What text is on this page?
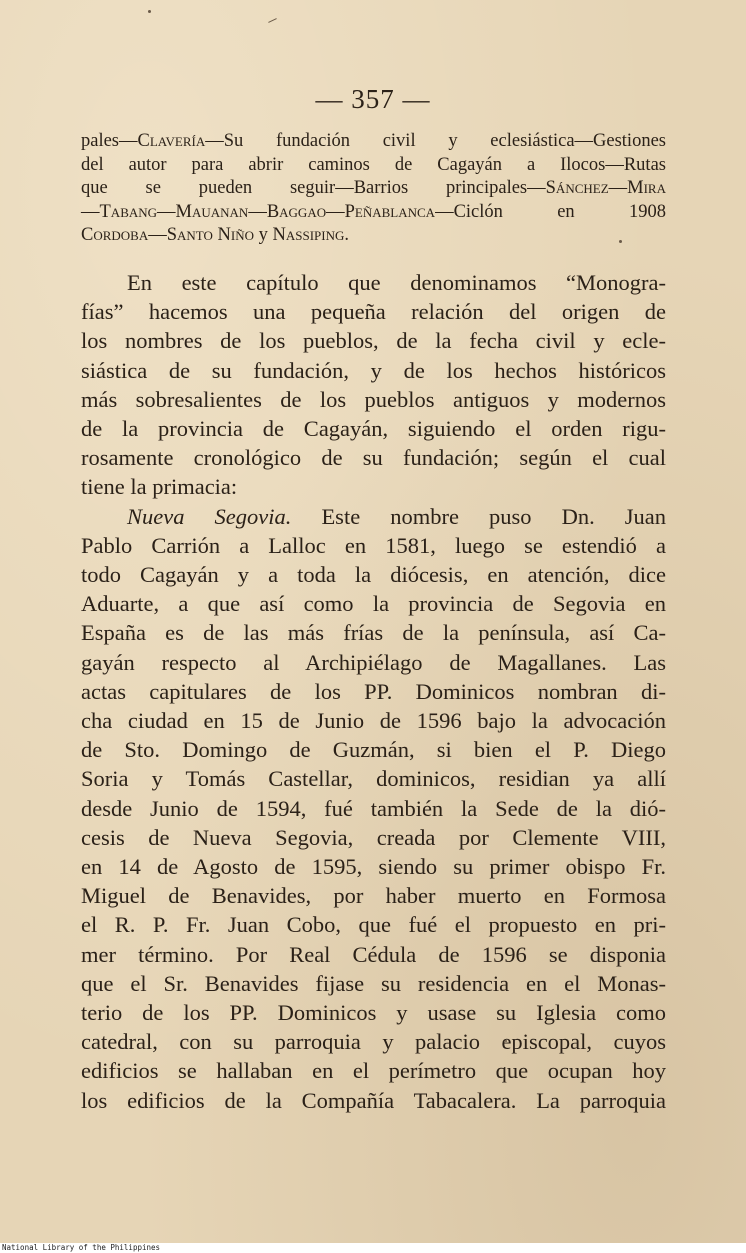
— 357 —
pales—Clavería—Su fundación civil y eclesiástica—Gestiones
del autor para abrir caminos de Cagayán a Ilocos—Rutas
que se pueden seguir—Barrios principales—Sánchez—Mira
—Tabang—Mauanan—Baggao—Peñablanca—Ciclón en 1908
Cordoba—Santo Niño y Nassiping.
En este capítulo que denominamos “Monogra-
fías” hacemos una pequeña relación del origen de
los nombres de los pueblos, de la fecha civil y ecle-
siástica de su fundación, y de los hechos históricos
más sobresalientes de los pueblos antiguos y modernos
de la provincia de Cagayán, siguiendo el orden rigu-
rosamente cronológico de su fundación; según el cual
tiene la primacia:
Nueva Segovia. Este nombre puso Dn. Juan
Pablo Carrión a Lalloc en 1581, luego se estendió a
todo Cagayán y a toda la diócesis, en atención, dice
Aduarte, a que así como la provincia de Segovia en
España es de las más frías de la península, así Ca-
gayán respecto al Archipiélago de Magallanes. Las
actas capitulares de los PP. Dominicos nombran di-
cha ciudad en 15 de Junio de 1596 bajo la advocación
de Sto. Domingo de Guzmán, si bien el P. Diego
Soria y Tomás Castellar, dominicos, residian ya allí
desde Junio de 1594, fué también la Sede de la dió-
cesis de Nueva Segovia, creada por Clemente VIII,
en 14 de Agosto de 1595, siendo su primer obispo Fr.
Miguel de Benavides, por haber muerto en Formosa
el R. P. Fr. Juan Cobo, que fué el propuesto en pri-
mer término. Por Real Cédula de 1596 se disponia
que el Sr. Benavides fijase su residencia en el Monas-
terio de los PP. Dominicos y usase su Iglesia como
catedral, con su parroquia y palacio episcopal, cuyos
edificios se hallaban en el perímetro que ocupan hoy
los edificios de la Compañía Tabacalera. La parroquia
National Library of the Philippines
